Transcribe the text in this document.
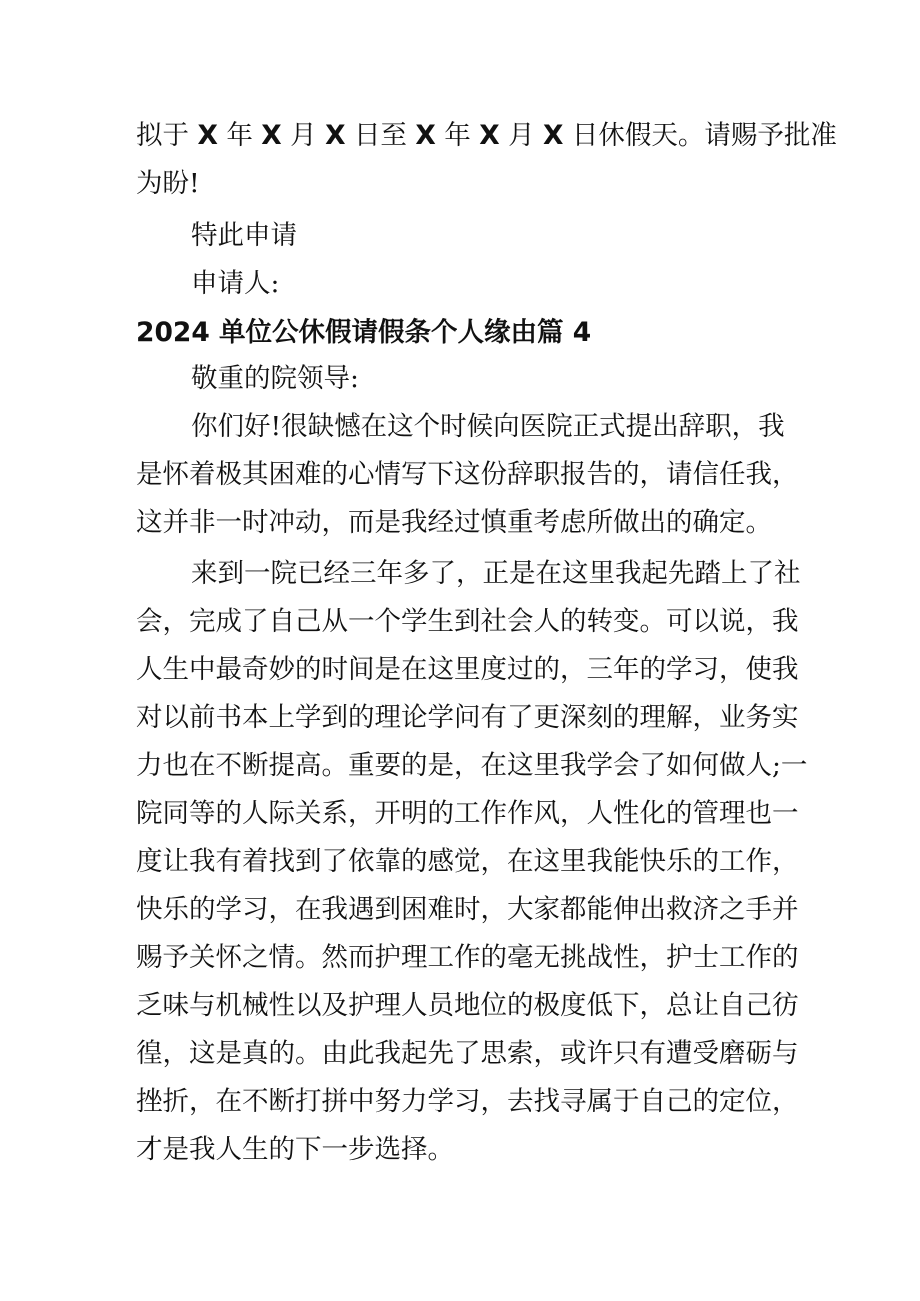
拟于 X 年 X 月 X 日至 X 年 X 月 X 日休假天。请赐予批准
为盼!

特此申请

申请人:

2024 单位公休假请假条个人缘由篇 4

敬重的院领导:

你们好!很缺憾在这个时候向医院正式提出辞职，我
是怀着极其困难的心情写下这份辞职报告的，请信任我，
这并非一时冲动，而是我经过慎重考虑所做出的确定。

来到一院已经三年多了，正是在这里我起先踏上了社
会，完成了自己从一个学生到社会人的转变。可以说，我
人生中最奇妙的时间是在这里度过的，三年的学习，使我
对以前书本上学到的理论学问有了更深刻的理解，业务实
力也在不断提高。重要的是，在这里我学会了如何做人;一
院同等的人际关系，开明的工作作风，人性化的管理也一
度让我有着找到了依靠的感觉，在这里我能快乐的工作，
快乐的学习，在我遇到困难时，大家都能伸出救济之手并
赐予关怀之情。然而护理工作的毫无挑战性，护士工作的
乏味与机械性以及护理人员地位的极度低下，总让自己彷
徨，这是真的。由此我起先了思索，或许只有遭受磨砺与
挫折，在不断打拼中努力学习，去找寻属于自己的定位，
才是我人生的下一步选择。
